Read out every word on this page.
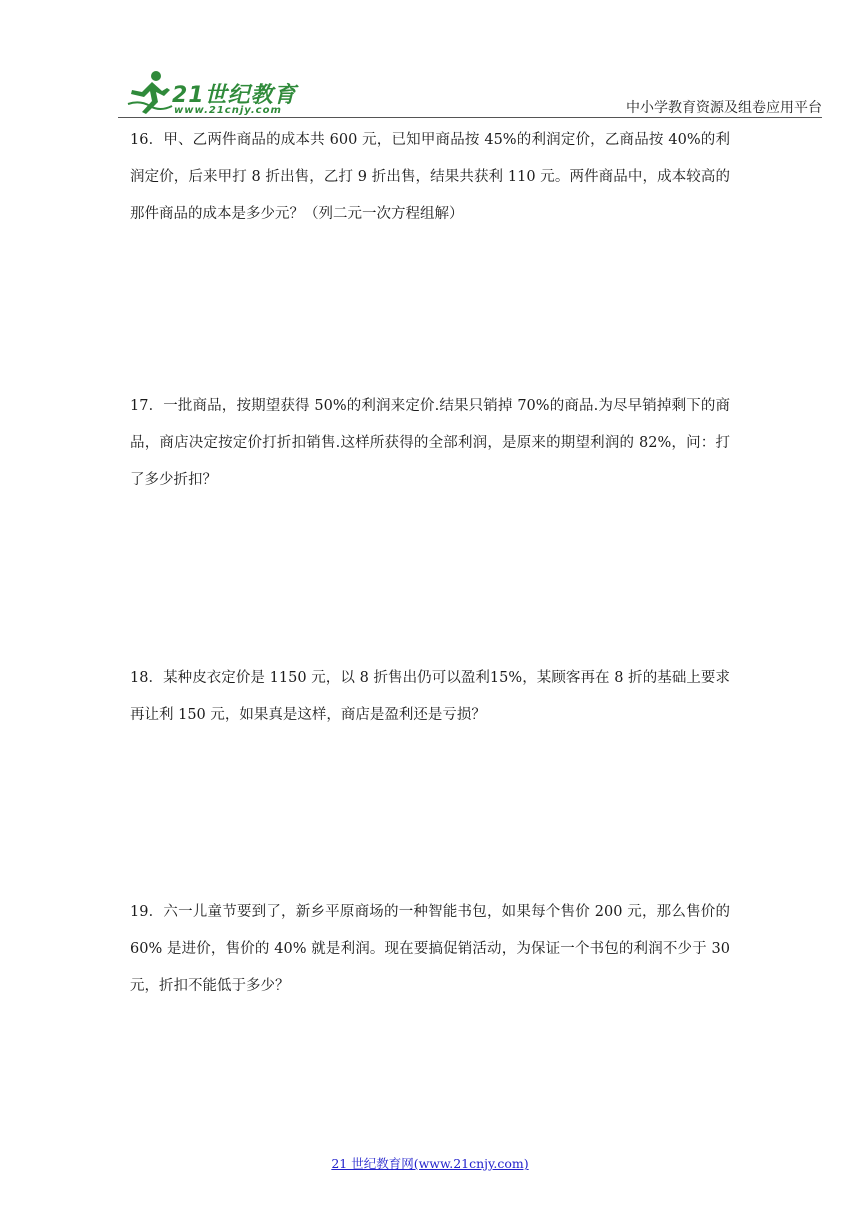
21世纪教育
www.21cnjy.com	中小学教育资源及组卷应用平台

16．甲、乙两件商品的成本共 600 元，已知甲商品按 45%的利润定价，乙商品按 40%的利润定价，后来甲打 8 折出售，乙打 9 折出售，结果共获利 110 元。两件商品中，成本较高的那件商品的成本是多少元？（列二元一次方程组解）

17．一批商品，按期望获得 50%的利润来定价.结果只销掉 70%的商品.为尽早销掉剩下的商品，商店决定按定价打折扣销售.这样所获得的全部利润，是原来的期望利润的 82%，问：打了多少折扣？

18．某种皮衣定价是 1150 元，以 8 折售出仍可以盈利15%，某顾客再在 8 折的基础上要求再让利 150 元，如果真是这样，商店是盈利还是亏损？

19．六一儿童节要到了，新乡平原商场的一种智能书包，如果每个售价 200 元，那么售价的60% 是进价，售价的 40% 就是利润。现在要搞促销活动，为保证一个书包的利润不少于 30元，折扣不能低于多少？

21 世纪教育网(www.21cnjy.com)
